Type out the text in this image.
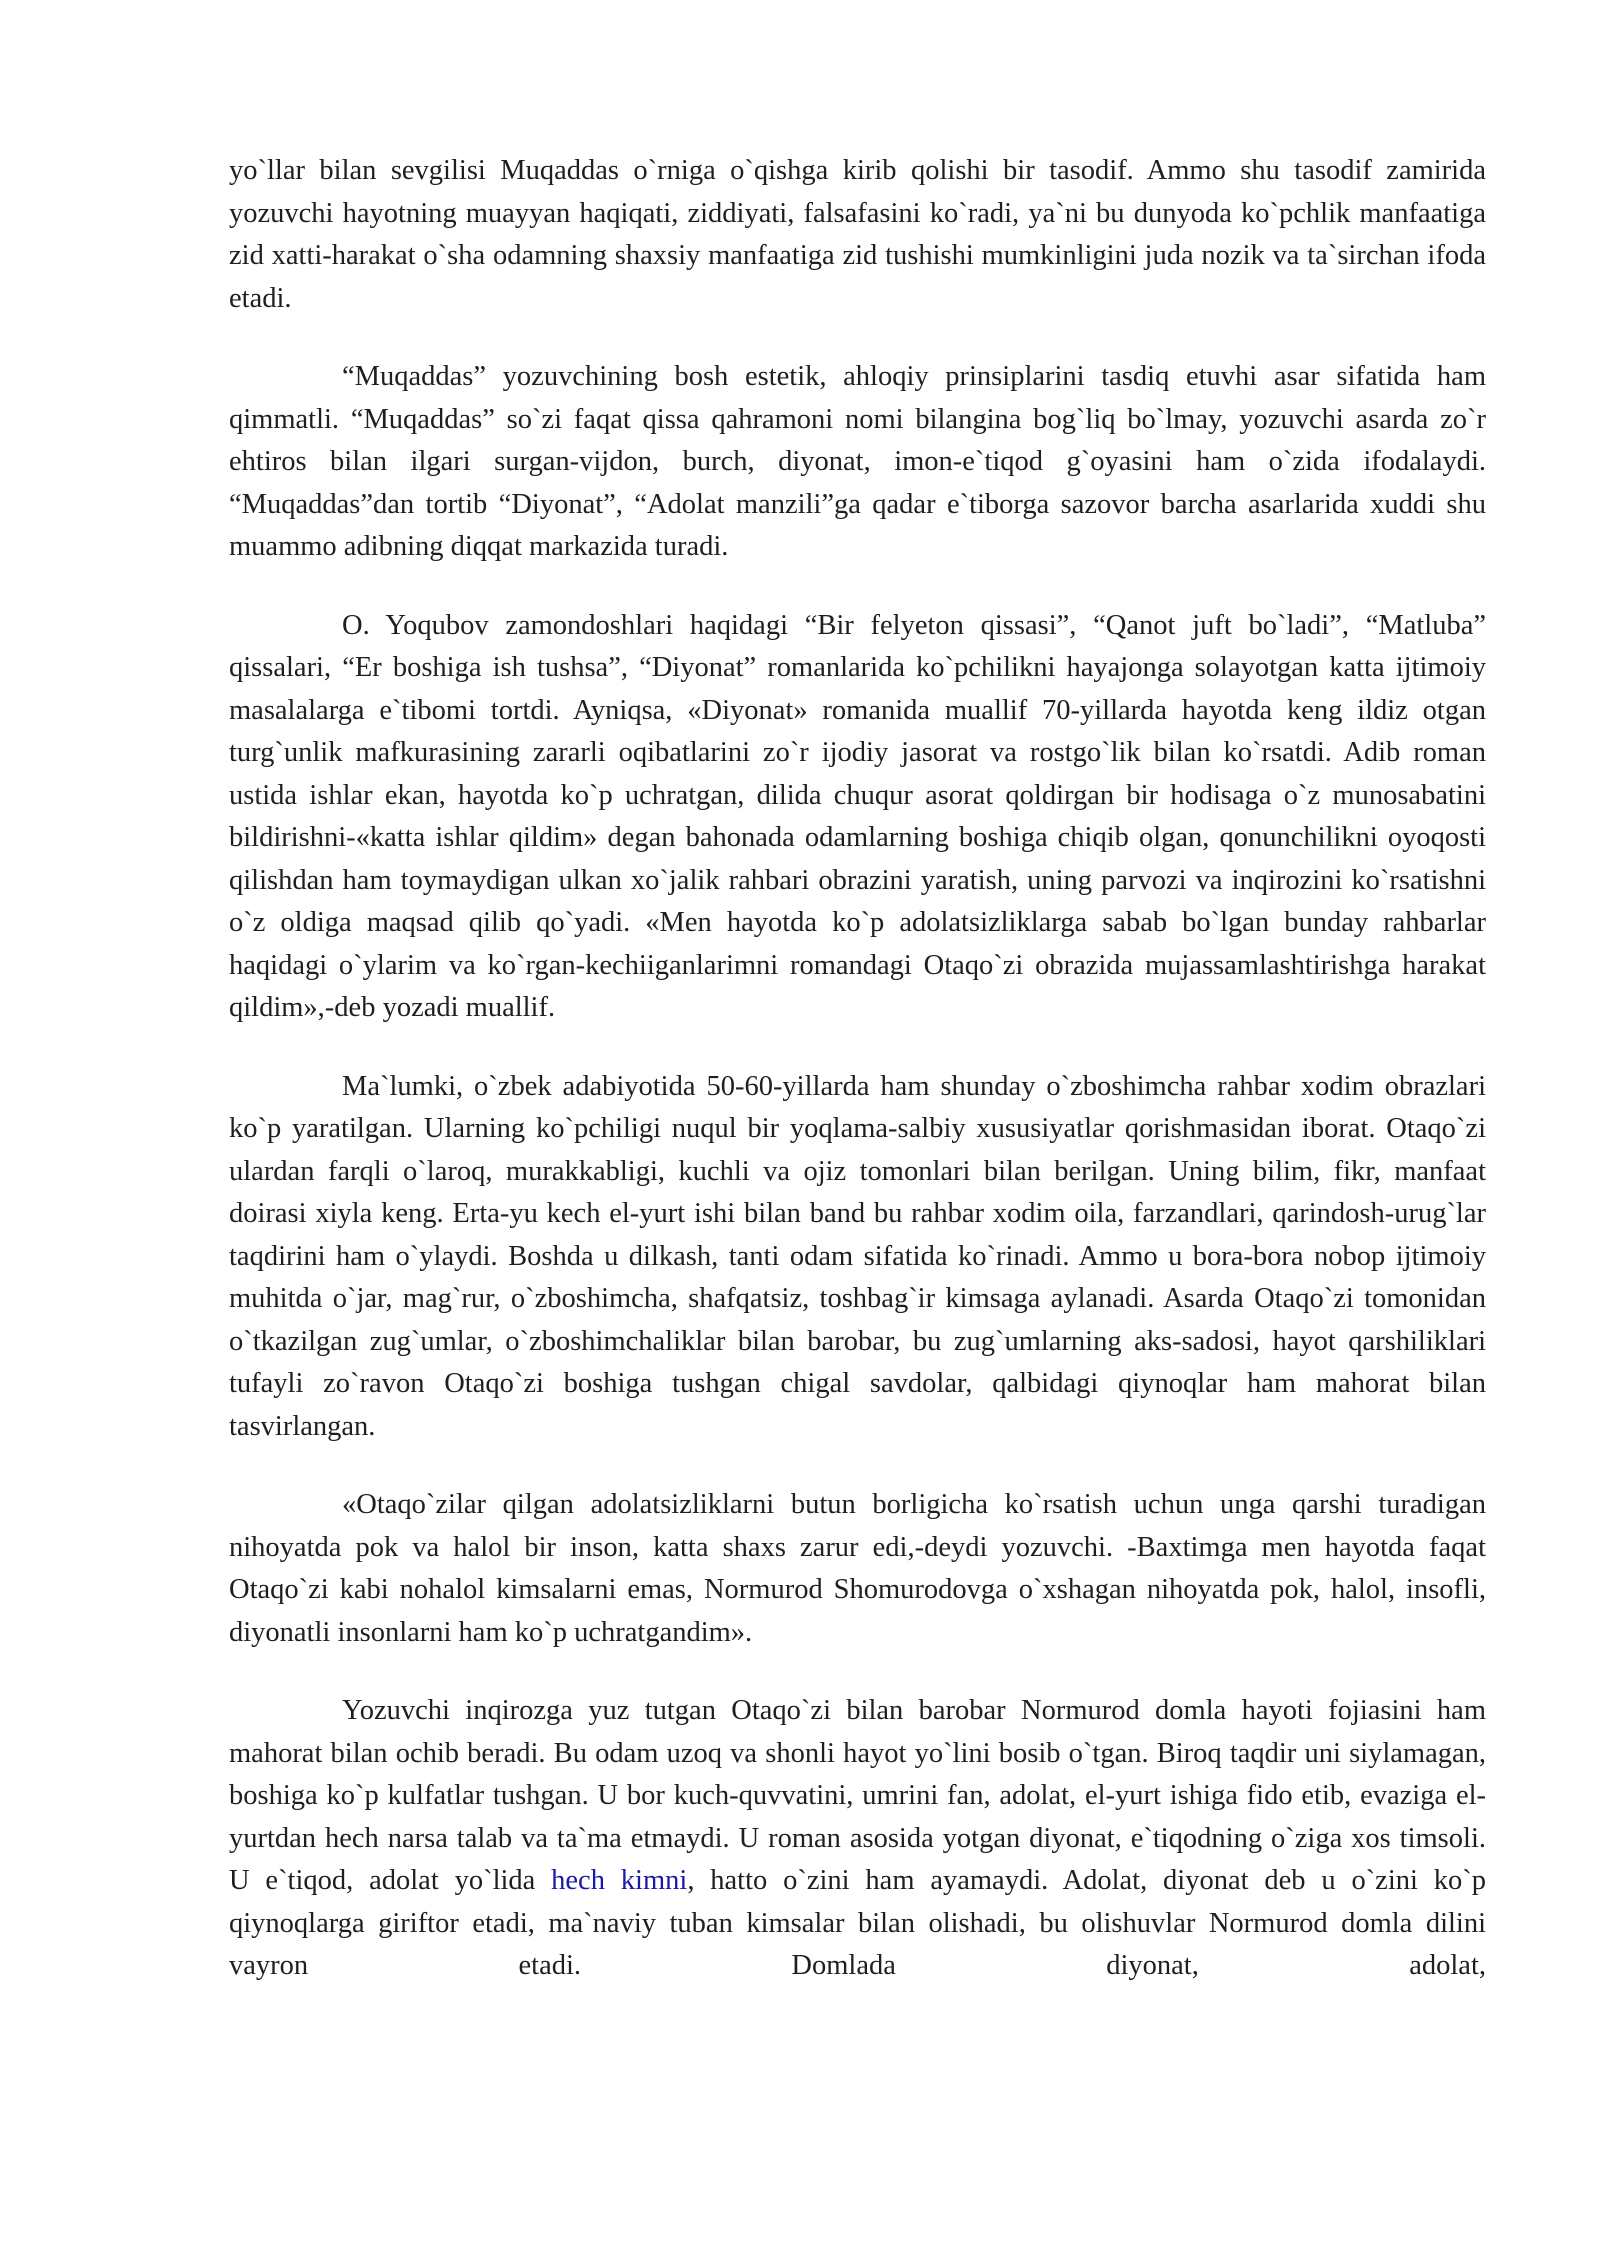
yo`llar bilan sevgilisi Muqaddas o`rniga o`qishga kirib qolishi bir tasodif. Ammo shu tasodif zamirida yozuvchi hayotning muayyan haqiqati, ziddiyati, falsafasini ko`radi, ya`ni bu dunyoda ko`pchlik manfaatiga zid xatti-harakat o`sha odamning shaxsiy manfaatiga zid tushishi mumkinligini juda nozik va ta`sirchan ifoda etadi.

“Muqaddas” yozuvchining bosh estetik, ahloqiy prinsiplarini tasdiq etuvhi asar sifatida ham qimmatli. “Muqaddas” so`zi faqat qissa qahramoni nomi bilangina bog`liq bo`lmay, yozuvchi asarda zo`r ehtiros bilan ilgari surgan-vijdon, burch, diyonat, imon-e`tiqod g`oyasini ham o`zida ifodalaydi. “Muqaddas”dan tortib “Diyonat”, “Adolat manzili”ga qadar e`tiborga sazovor barcha asarlarida xuddi shu muammo adibning diqqat markazida turadi.

O. Yoqubov zamondoshlari haqidagi “Bir felyeton qissasi”, “Qanot juft bo`ladi”, “Matluba” qissalari, “Er boshiga ish tushsa”, “Diyonat” romanlarida ko`pchilikni hayajonga solayotgan katta ijtimoiy masalalarga e`tibomi tortdi. Ayniqsa, «Diyonat» romanida muallif 70-yillarda hayotda keng ildiz otgan turg`unlik mafkurasining zararli oqibatlarini zo`r ijodiy jasorat va rostgo`lik bilan ko`rsatdi. Adib roman ustida ishlar ekan, hayotda ko`p uchratgan, dilida chuqur asorat qoldirgan bir hodisaga o`z munosabatini bildirishni-«katta ishlar qildim» degan bahonada odamlarning boshiga chiqib olgan, qonunchilikni oyoqosti qilishdan ham toymaydigan ulkan xo`jalik rahbari obrazini yaratish, uning parvozi va inqirozini ko`rsatishni o`z oldiga maqsad qilib qo`yadi. «Men hayotda ko`p adolatsizliklarga sabab bo`lgan bunday rahbarlar haqidagi o`ylarim va ko`rgan-kechiiganlarimni romandagi Otaqo`zi obrazida mujassamlashtirishga harakat qildim»,-deb yozadi muallif.

Ma`lumki, o`zbek adabiyotida 50-60-yillarda ham shunday o`zboshimcha rahbar xodim obrazlari ko`p yaratilgan. Ularning ko`pchiligi nuqul bir yoqlama-salbiy xususiyatlar qorishmasidan iborat. Otaqo`zi ulardan farqli o`laroq, murakkabligi, kuchli va ojiz tomonlari bilan berilgan. Uning bilim, fikr, manfaat doirasi xiyla keng. Erta-yu kech el-yurt ishi bilan band bu rahbar xodim oila, farzandlari, qarindosh-urug`lar taqdirini ham o`ylaydi. Boshda u dilkash, tanti odam sifatida ko`rinadi. Ammo u bora-bora nobop ijtimoiy muhitda o`jar, mag`rur, o`zboshimcha, shafqatsiz, toshbag`ir kimsaga aylanadi. Asarda Otaqo`zi tomonidan o`tkazilgan zug`umlar, o`zboshimchaliklar bilan barobar, bu zug`umlarning aks-sadosi, hayot qarshiliklari tufayli zo`ravon Otaqo`zi boshiga tushgan chigal savdolar, qalbidagi qiynoqlar ham mahorat bilan tasvirlangan.

«Otaqo`zilar qilgan adolatsizliklarni butun borligicha ko`rsatish uchun unga qarshi turadigan nihoyatda pok va halol bir inson, katta shaxs zarur edi,-deydi yozuvchi. -Baxtimga men hayotda faqat Otaqo`zi kabi nohalol kimsalarni emas, Normurod Shomurodovga o`xshagan nihoyatda pok, halol, insofli, diyonatli insonlarni ham ko`p uchratgandim».

Yozuvchi inqirozga yuz tutgan Otaqo`zi bilan barobar Normurod domla hayoti fojiasini ham mahorat bilan ochib beradi. Bu odam uzoq va shonli hayot yo`lini bosib o`tgan. Biroq taqdir uni siylamagan, boshiga ko`p kulfatlar tushgan. U bor kuch-quvvatini, umrini fan, adolat, el-yurt ishiga fido etib, evaziga el-yurtdan hech narsa talab va ta`ma etmaydi. U roman asosida yotgan diyonat, e`tiqodning o`ziga xos timsoli. U e`tiqod, adolat yo`lida hech kimni, hatto o`zini ham ayamaydi. Adolat, diyonat deb u o`zini ko`p qiynoqlarga giriftor etadi, ma`naviy tuban kimsalar bilan olishadi, bu olishuvlar Normurod domla dilini vayron etadi. Domlada diyonat, adolat,
